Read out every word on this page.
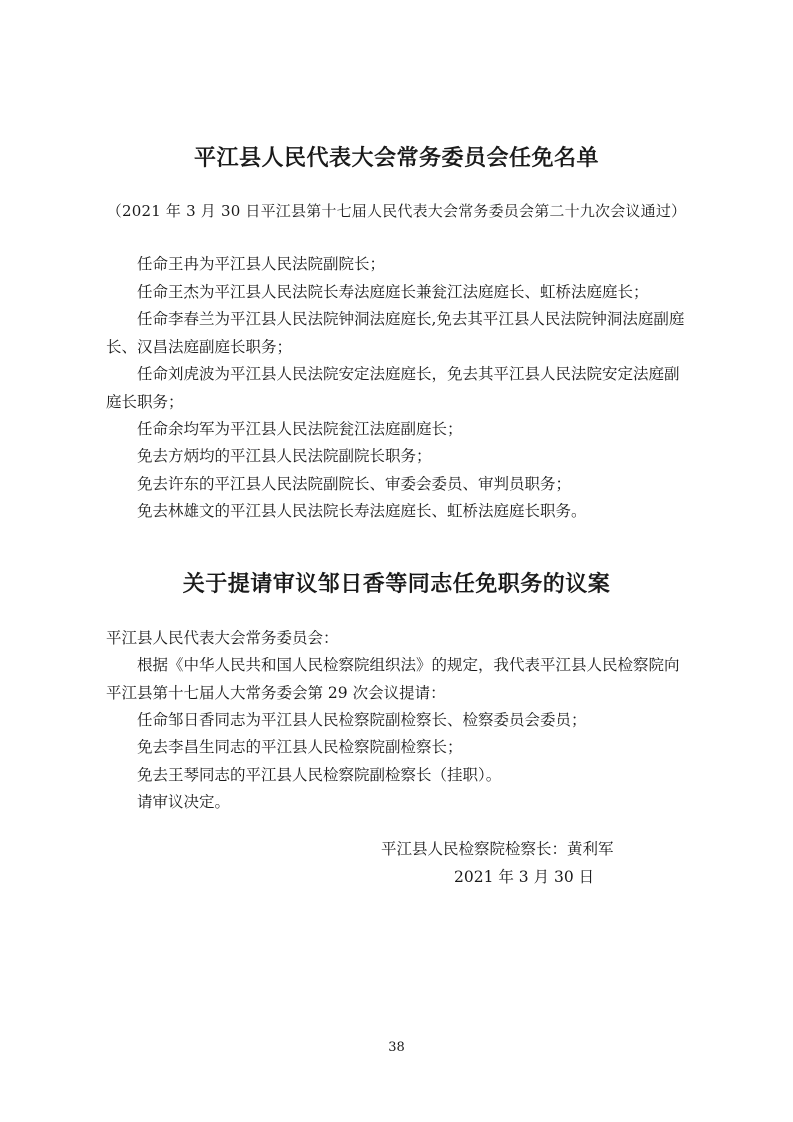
平江县人民代表大会常务委员会任免名单
（2021 年 3 月 30 日平江县第十七届人民代表大会常务委员会第二十九次会议通过）

任命王冉为平江县人民法院副院长；

任命王杰为平江县人民法院长寿法庭庭长兼瓮江法庭庭长、虹桥法庭庭长；

任命李春兰为平江县人民法院钟洞法庭庭长,免去其平江县人民法院钟洞法庭副庭长、汉昌法庭副庭长职务；

任命刘虎波为平江县人民法院安定法庭庭长，免去其平江县人民法院安定法庭副庭长职务；

任命余均军为平江县人民法院瓮江法庭副庭长；

免去方炳均的平江县人民法院副院长职务；

免去许东的平江县人民法院副院长、审委会委员、审判员职务；

免去林雄文的平江县人民法院长寿法庭庭长、虹桥法庭庭长职务。

关于提请审议邹日香等同志任免职务的议案

平江县人民代表大会常务委员会：

根据《中华人民共和国人民检察院组织法》的规定，我代表平江县人民检察院向平江县第十七届人大常务委会第 29 次会议提请：

任命邹日香同志为平江县人民检察院副检察长、检察委员会委员；

免去李昌生同志的平江县人民检察院副检察长；

免去王琴同志的平江县人民检察院副检察长（挂职）。

请审议决定。

平江县人民检察院检察长：黄利军
2021 年 3 月 30 日
38
